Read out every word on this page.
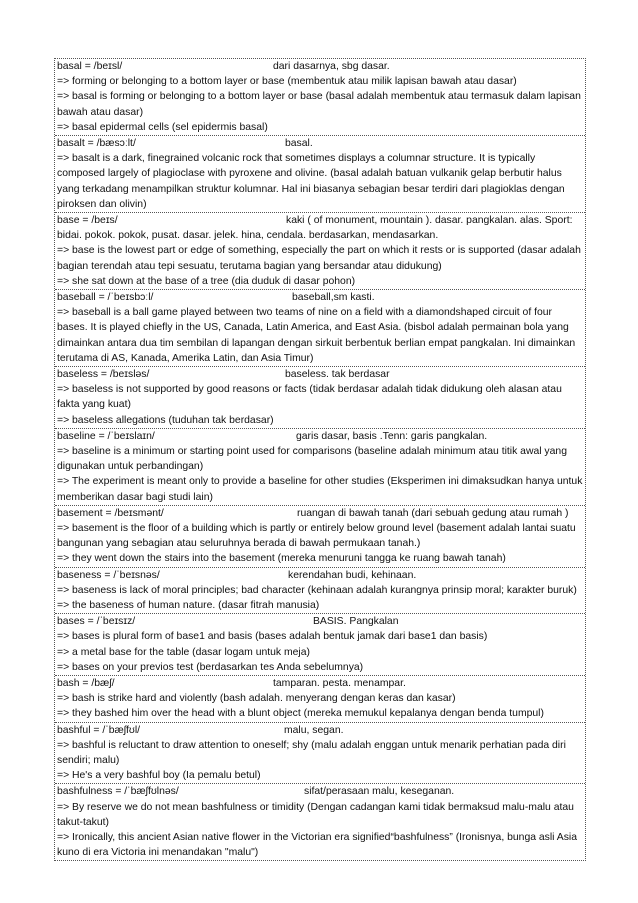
basal = /beɪsl/	dari dasarnya, sbg dasar.
=> forming or belonging to a bottom layer or base (membentuk atau milik lapisan bawah atau dasar)
=> basal is forming or belonging to a bottom layer or base (basal adalah membentuk atau termasuk dalam lapisan bawah atau dasar)
=> basal epidermal cells (sel epidermis basal)
basalt = /bæsɔːlt/	basal.
=> basalt is a dark, finegrained volcanic rock that sometimes displays a columnar structure. It is typically composed largely of plagioclase with pyroxene and olivine. (basal adalah batuan vulkanik gelap berbutir halus yang terkadang menampilkan struktur kolumnar. Hal ini biasanya sebagian besar terdiri dari plagioklas dengan piroksen dan olivin)
base = /beɪs/	kaki ( of monument, mountain ). dasar. pangkalan. alas. Sport: bidai. pokok. pokok, pusat. dasar. jelek. hina, cendala. berdasarkan, mendasarkan.
=> base is the lowest part or edge of something, especially the part on which it rests or is supported (dasar adalah bagian terendah atau tepi sesuatu, terutama bagian yang bersandar atau didukung)
=> she sat down at the base of a tree (dia duduk di dasar pohon)
baseball = /ˈbeɪsbɔːl/	baseball,sm kasti.
=> baseball is a ball game played between two teams of nine on a field with a diamondshaped circuit of four bases. It is played chiefly in the US, Canada, Latin America, and East Asia. (bisbol adalah permainan bola yang dimainkan antara dua tim sembilan di lapangan dengan sirkuit berbentuk berlian empat pangkalan. Ini dimainkan terutama di AS, Kanada, Amerika Latin, dan Asia Timur)
baseless = /beɪsləs/	baseless. tak berdasar
=> baseless is not supported by good reasons or facts (tidak berdasar adalah tidak didukung oleh alasan atau fakta yang kuat)
=> baseless allegations (tuduhan tak berdasar)
baseline = /ˈbeɪslaɪn/	garis dasar, basis .Tenn: garis pangkalan.
=> baseline is a minimum or starting point used for comparisons (baseline adalah minimum atau titik awal yang digunakan untuk perbandingan)
=> The experiment is meant only to provide a baseline for other studies (Eksperimen ini dimaksudkan hanya untuk memberikan dasar bagi studi lain)
basement = /beɪsmənt/	ruangan di bawah tanah (dari sebuah gedung atau rumah )
=> basement is the floor of a building which is partly or entirely below ground level (basement adalah lantai suatu bangunan yang sebagian atau seluruhnya berada di bawah permukaan tanah.)
=> they went down the stairs into the basement (mereka menuruni tangga ke ruang bawah tanah)
baseness = /ˈbeɪsnəs/	kerendahan budi, kehinaan.
=> baseness is lack of moral principles; bad character (kehinaan adalah kurangnya prinsip moral; karakter buruk)
=> the baseness of human nature. (dasar fitrah manusia)
bases = /ˈbeɪsɪz/	BASIS. Pangkalan
=> bases is plural form of base1 and basis (bases adalah bentuk jamak dari base1 dan basis)
=> a metal base for the table (dasar logam untuk meja)
=> bases on your previos test (berdasarkan tes Anda sebelumnya)
bash = /bæʃ/	tamparan. pesta. menampar.
=> bash is strike hard and violently (bash adalah. menyerang dengan keras dan kasar)
=> they bashed him over the head with a blunt object (mereka memukul kepalanya dengan benda tumpul)
bashful = /ˈbæʃfʊl/	malu, segan.
=> bashful is reluctant to draw attention to oneself; shy (malu adalah enggan untuk menarik perhatian pada diri sendiri; malu)
=> He's a very bashful boy (Ia pemalu betul)
bashfulness = /ˈbæʃfʊlnəs/	sifat/perasaan malu, keseganan.
=> By reserve we do not mean bashfulness or timidity (Dengan cadangan kami tidak bermaksud malu-malu atau takut-takut)
=> Ironically, this ancient Asian native flower in the Victorian era signified“bashfulness” (Ironisnya, bunga asli Asia kuno di era Victoria ini menandakan "malu")
